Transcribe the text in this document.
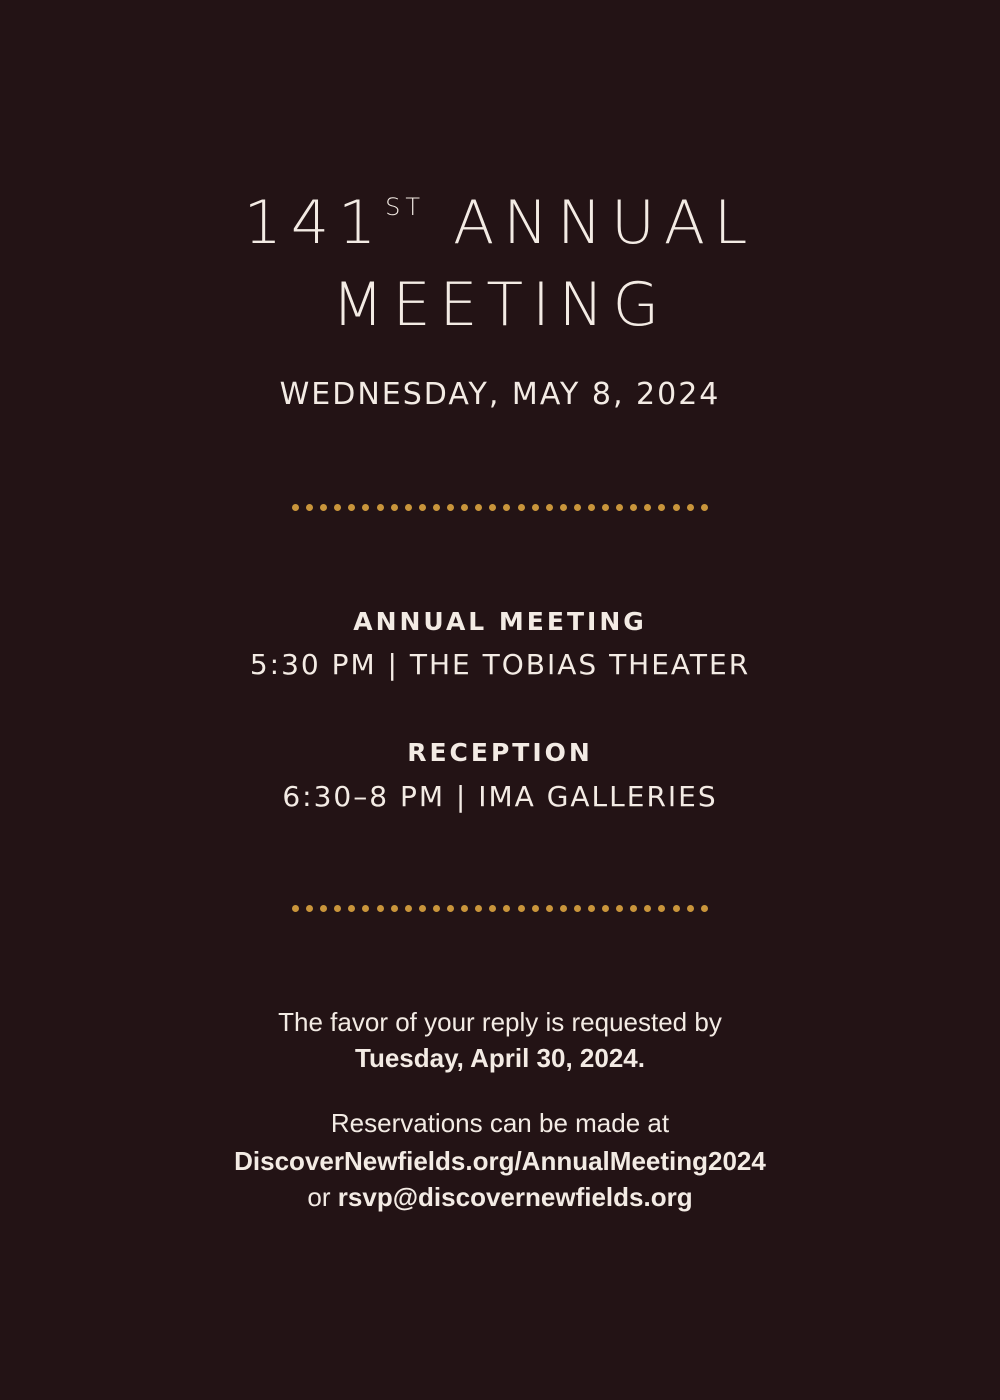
141ST ANNUAL
MEETING
WEDNESDAY, MAY 8, 2024
ANNUAL MEETING
5:30 PM | THE TOBIAS THEATER
RECEPTION
6:30–8 PM | IMA GALLERIES
The favor of your reply is requested by
Tuesday, April 30, 2024.
Reservations can be made at
DiscoverNewfields.org/AnnualMeeting2024
or rsvp@discovernewfields.org
